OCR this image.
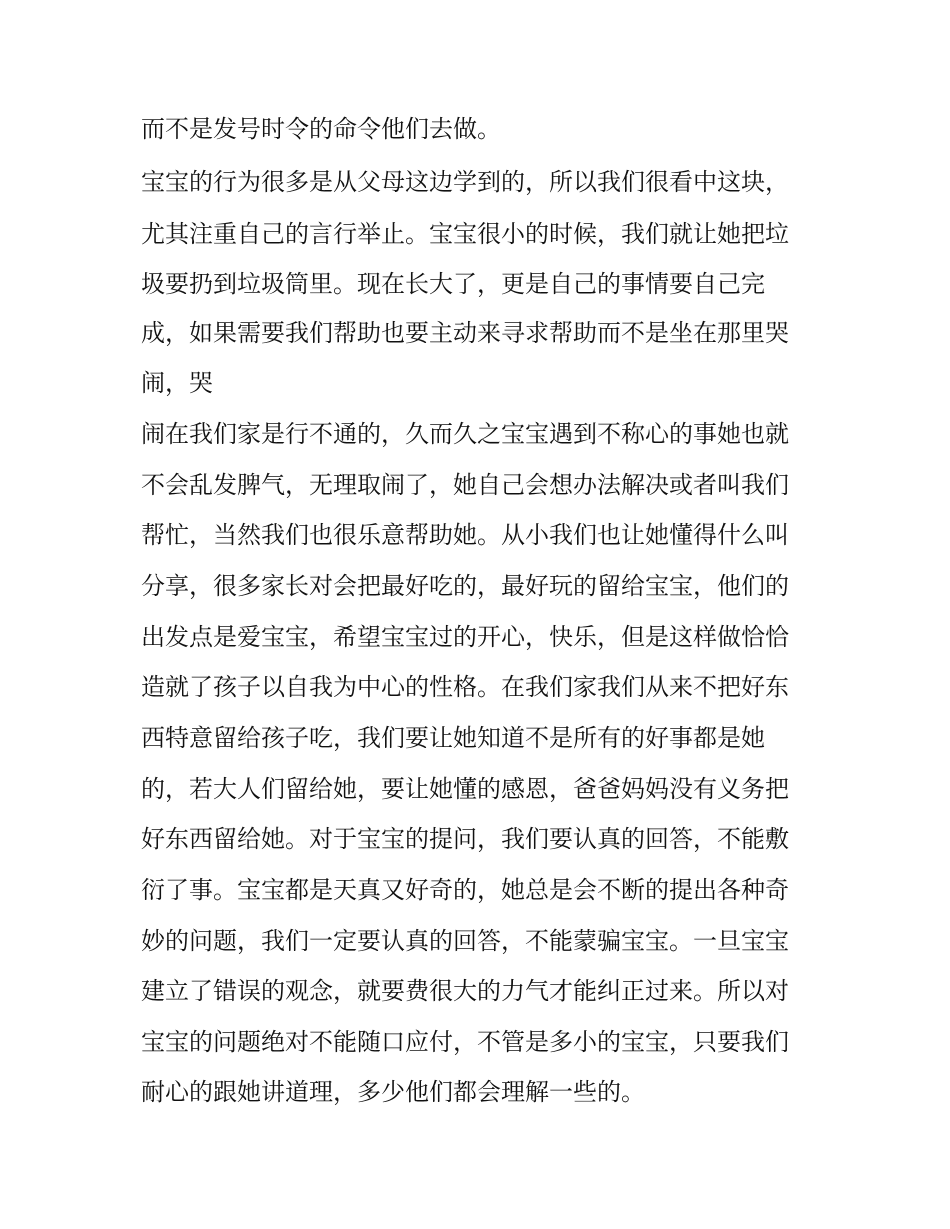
而不是发号时令的命令他们去做。
宝宝的行为很多是从父母这边学到的，所以我们很看中这块，
尤其注重自己的言行举止。宝宝很小的时候，我们就让她把垃
圾要扔到垃圾筒里。现在长大了，更是自己的事情要自己完
成，如果需要我们帮助也要主动来寻求帮助而不是坐在那里哭
闹，哭
闹在我们家是行不通的，久而久之宝宝遇到不称心的事她也就
不会乱发脾气，无理取闹了，她自己会想办法解决或者叫我们
帮忙，当然我们也很乐意帮助她。从小我们也让她懂得什么叫
分享，很多家长对会把最好吃的，最好玩的留给宝宝，他们的
出发点是爱宝宝，希望宝宝过的开心，快乐，但是这样做恰恰
造就了孩子以自我为中心的性格。在我们家我们从来不把好东
西特意留给孩子吃，我们要让她知道不是所有的好事都是她
的，若大人们留给她，要让她懂的感恩，爸爸妈妈没有义务把
好东西留给她。对于宝宝的提问，我们要认真的回答，不能敷
衍了事。宝宝都是天真又好奇的，她总是会不断的提出各种奇
妙的问题，我们一定要认真的回答，不能蒙骗宝宝。一旦宝宝
建立了错误的观念，就要费很大的力气才能纠正过来。所以对
宝宝的问题绝对不能随口应付，不管是多小的宝宝，只要我们
耐心的跟她讲道理，多少他们都会理解一些的。
